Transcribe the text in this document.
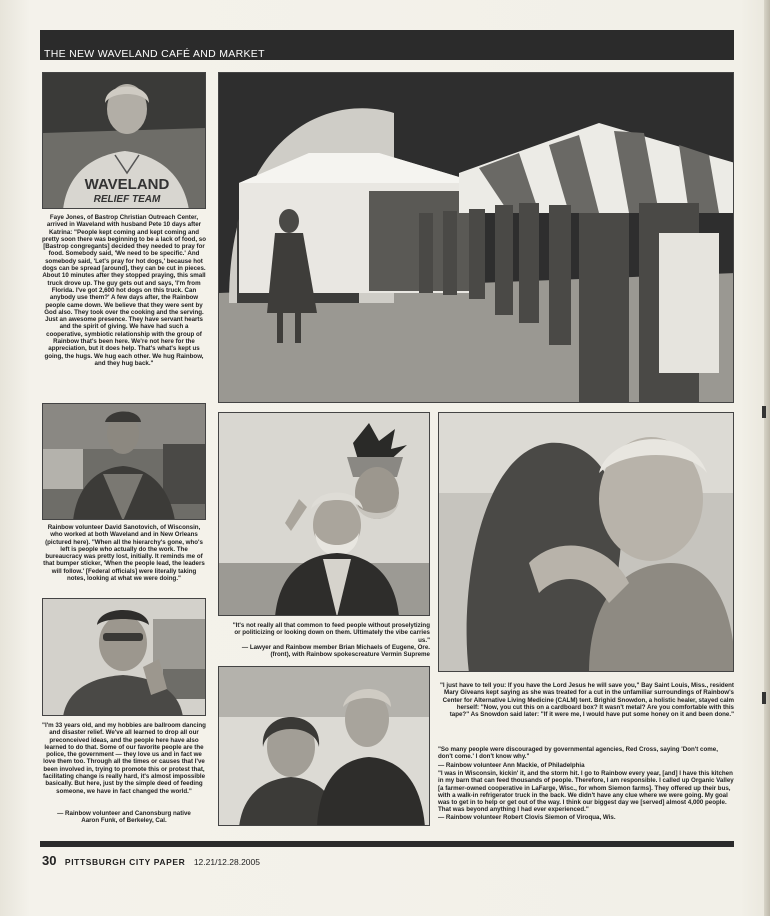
THE NEW WAVELAND CAFÉ AND MARKET
WAVELAND
RELIEF TEAM
Faye Jones, of Bastrop Christian Outreach Center, arrived in Waveland with husband Pete 10 days after Katrina: "People kept coming and kept coming and pretty soon there was beginning to be a lack of food, so [Bastrop congregants] decided they needed to pray for food. Somebody said, 'We need to be specific.' And somebody said, 'Let's pray for hot dogs,' because hot dogs can be spread [around], they can be cut in pieces. About 10 minutes after they stopped praying, this small truck drove up. The guy gets out and says, 'I'm from Florida. I've got 2,600 hot dogs on this truck. Can anybody use them?' A few days after, the Rainbow people came down. We believe that they were sent by God also. They took over the cooking and the serving. Just an awesome presence. They have servant hearts and the spirit of giving. We have had such a cooperative, symbiotic relationship with the group of Rainbow that's been here. We're not here for the appreciation, but it does help. That's what's kept us going, the hugs. We hug each other. We hug Rainbow, and they hug back."
Rainbow volunteer David Sanotovich, of Wisconsin, who worked at both Waveland and in New Orleans (pictured here). "When all the hierarchy's gone, who's left is people who actually do the work. The bureaucracy was pretty lost, initially. It reminds me of that bumper sticker, 'When the people lead, the leaders will follow.' [Federal officials] were literally taking notes, looking at what we were doing."
"It's not really all that common to feed people without proselytizing or politicizing or looking down on them. Ultimately the vibe carries us."
— Lawyer and Rainbow member Brian Michaels of Eugene, Ore. (front), with Rainbow spokescreature Vermin Supreme
"I'm 33 years old, and my hobbies are ballroom dancing and disaster relief. We've all learned to drop all our preconceived ideas, and the people here have also learned to do that. Some of our favorite people are the police, the government — they love us and in fact we love them too. Through all the times or causes that I've been involved in, trying to promote this or protest that, facilitating change is really hard, it's almost impossible basically. But here, just by the simple deed of feeding someone, we have in fact changed the world."
— Rainbow volunteer and Canonsburg native Aaron Funk, of Berkeley, Cal.
"I just have to tell you: If you have the Lord Jesus he will save you," Bay Saint Louis, Miss., resident Mary Giveans kept saying as she was treated for a cut in the unfamiliar surroundings of Rainbow's Center for Alternative Living Medicine (CALM) tent. Brighid Snowdon, a holistic healer, stayed calm herself: "Now, you cut this on a cardboard box? It wasn't metal? Are you comfortable with this tape?" As Snowdon said later: "If it were me, I would have put some honey on it and been done."
"So many people were discouraged by governmental agencies, Red Cross, saying 'Don't come, don't come.' I don't know why."
— Rainbow volunteer Ann Mackie, of Philadelphia
"I was in Wisconsin, kickin' it, and the storm hit. I go to Rainbow every year, [and] I have this kitchen in my barn that can feed thousands of people. Therefore, I am responsible. I called up Organic Valley [a farmer-owned cooperative in LaFarge, Wisc., for whom Siemon farms]. They offered up their bus, with a walk-in refrigerator truck in the back. We didn't have any clue where we were going. My goal was to get in to help or get out of the way. I think our biggest day we [served] almost 4,000 people. That was beyond anything I had ever experienced."
— Rainbow volunteer Robert Clovis Siemon of Viroqua, Wis.
30 PITTSBURGH CITY PAPER 12.21/12.28.2005
